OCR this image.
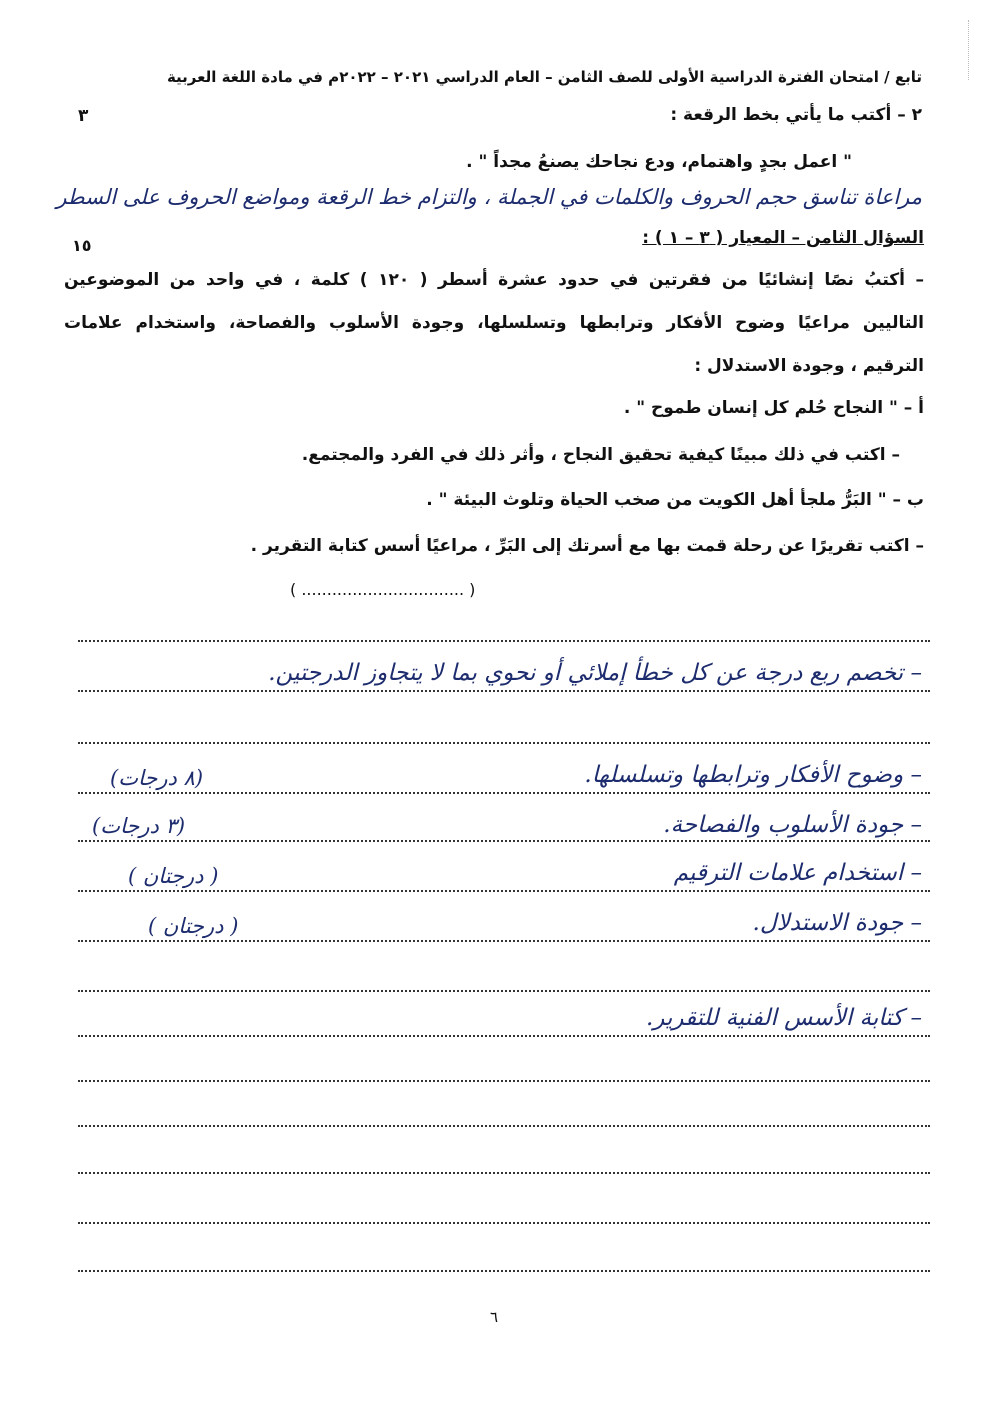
تابع / امتحان الفترة الدراسية الأولى للصف الثامن – العام الدراسي ٢٠٢١ – ٢٠٢٢م في مادة اللغة العربية
٢ – أكتب ما يأتي بخط الرقعة :
٣
" اعمل بجدٍ واهتمام، ودع نجاحك يصنعُ مجداً " .
مراعاة تناسق حجم الحروف والكلمات في الجملة ، والتزام خط الرقعة ومواضع الحروف على السطر
السؤال الثامن – المعيار ( ٣ – ١ ) :
١٥
– أكتبُ نصًا إنشائيًا من فقرتين في حدود عشرة أسطر ( ١٢٠ ) كلمة ، في واحد من الموضوعين
التاليين مراعيًا وضوح الأفكار وترابطها وتسلسلها، وجودة الأسلوب والفصاحة، واستخدام علامات
الترقيم ، وجودة الاستدلال :
أ – " النجاح حُلم كل إنسان طموح " .
– اكتب في ذلك مبينًا كيفية تحقيق النجاح ، وأثر ذلك في الفرد والمجتمع.
ب – " البَرُّ ملجأ أهل الكويت من صخب الحياة وتلوث البيئة " .
– اكتب تقريرًا عن رحلة قمت بها مع أسرتك إلى البَرِّ ، مراعيًا أسس كتابة التقرير .
( ................................ )
– تخصم ربع درجة عن كل خطأ إملائي أو نحوي بما لا يتجاوز الدرجتين.
– وضوح الأفكار وترابطها وتسلسلها.
(٨ درجات)
– جودة الأسلوب والفصاحة.
(٣ درجات)
– استخدام علامات الترقيم
( درجتان )
– جودة الاستدلال.
( درجتان )
– كتابة الأسس الفنية للتقرير.
٦
